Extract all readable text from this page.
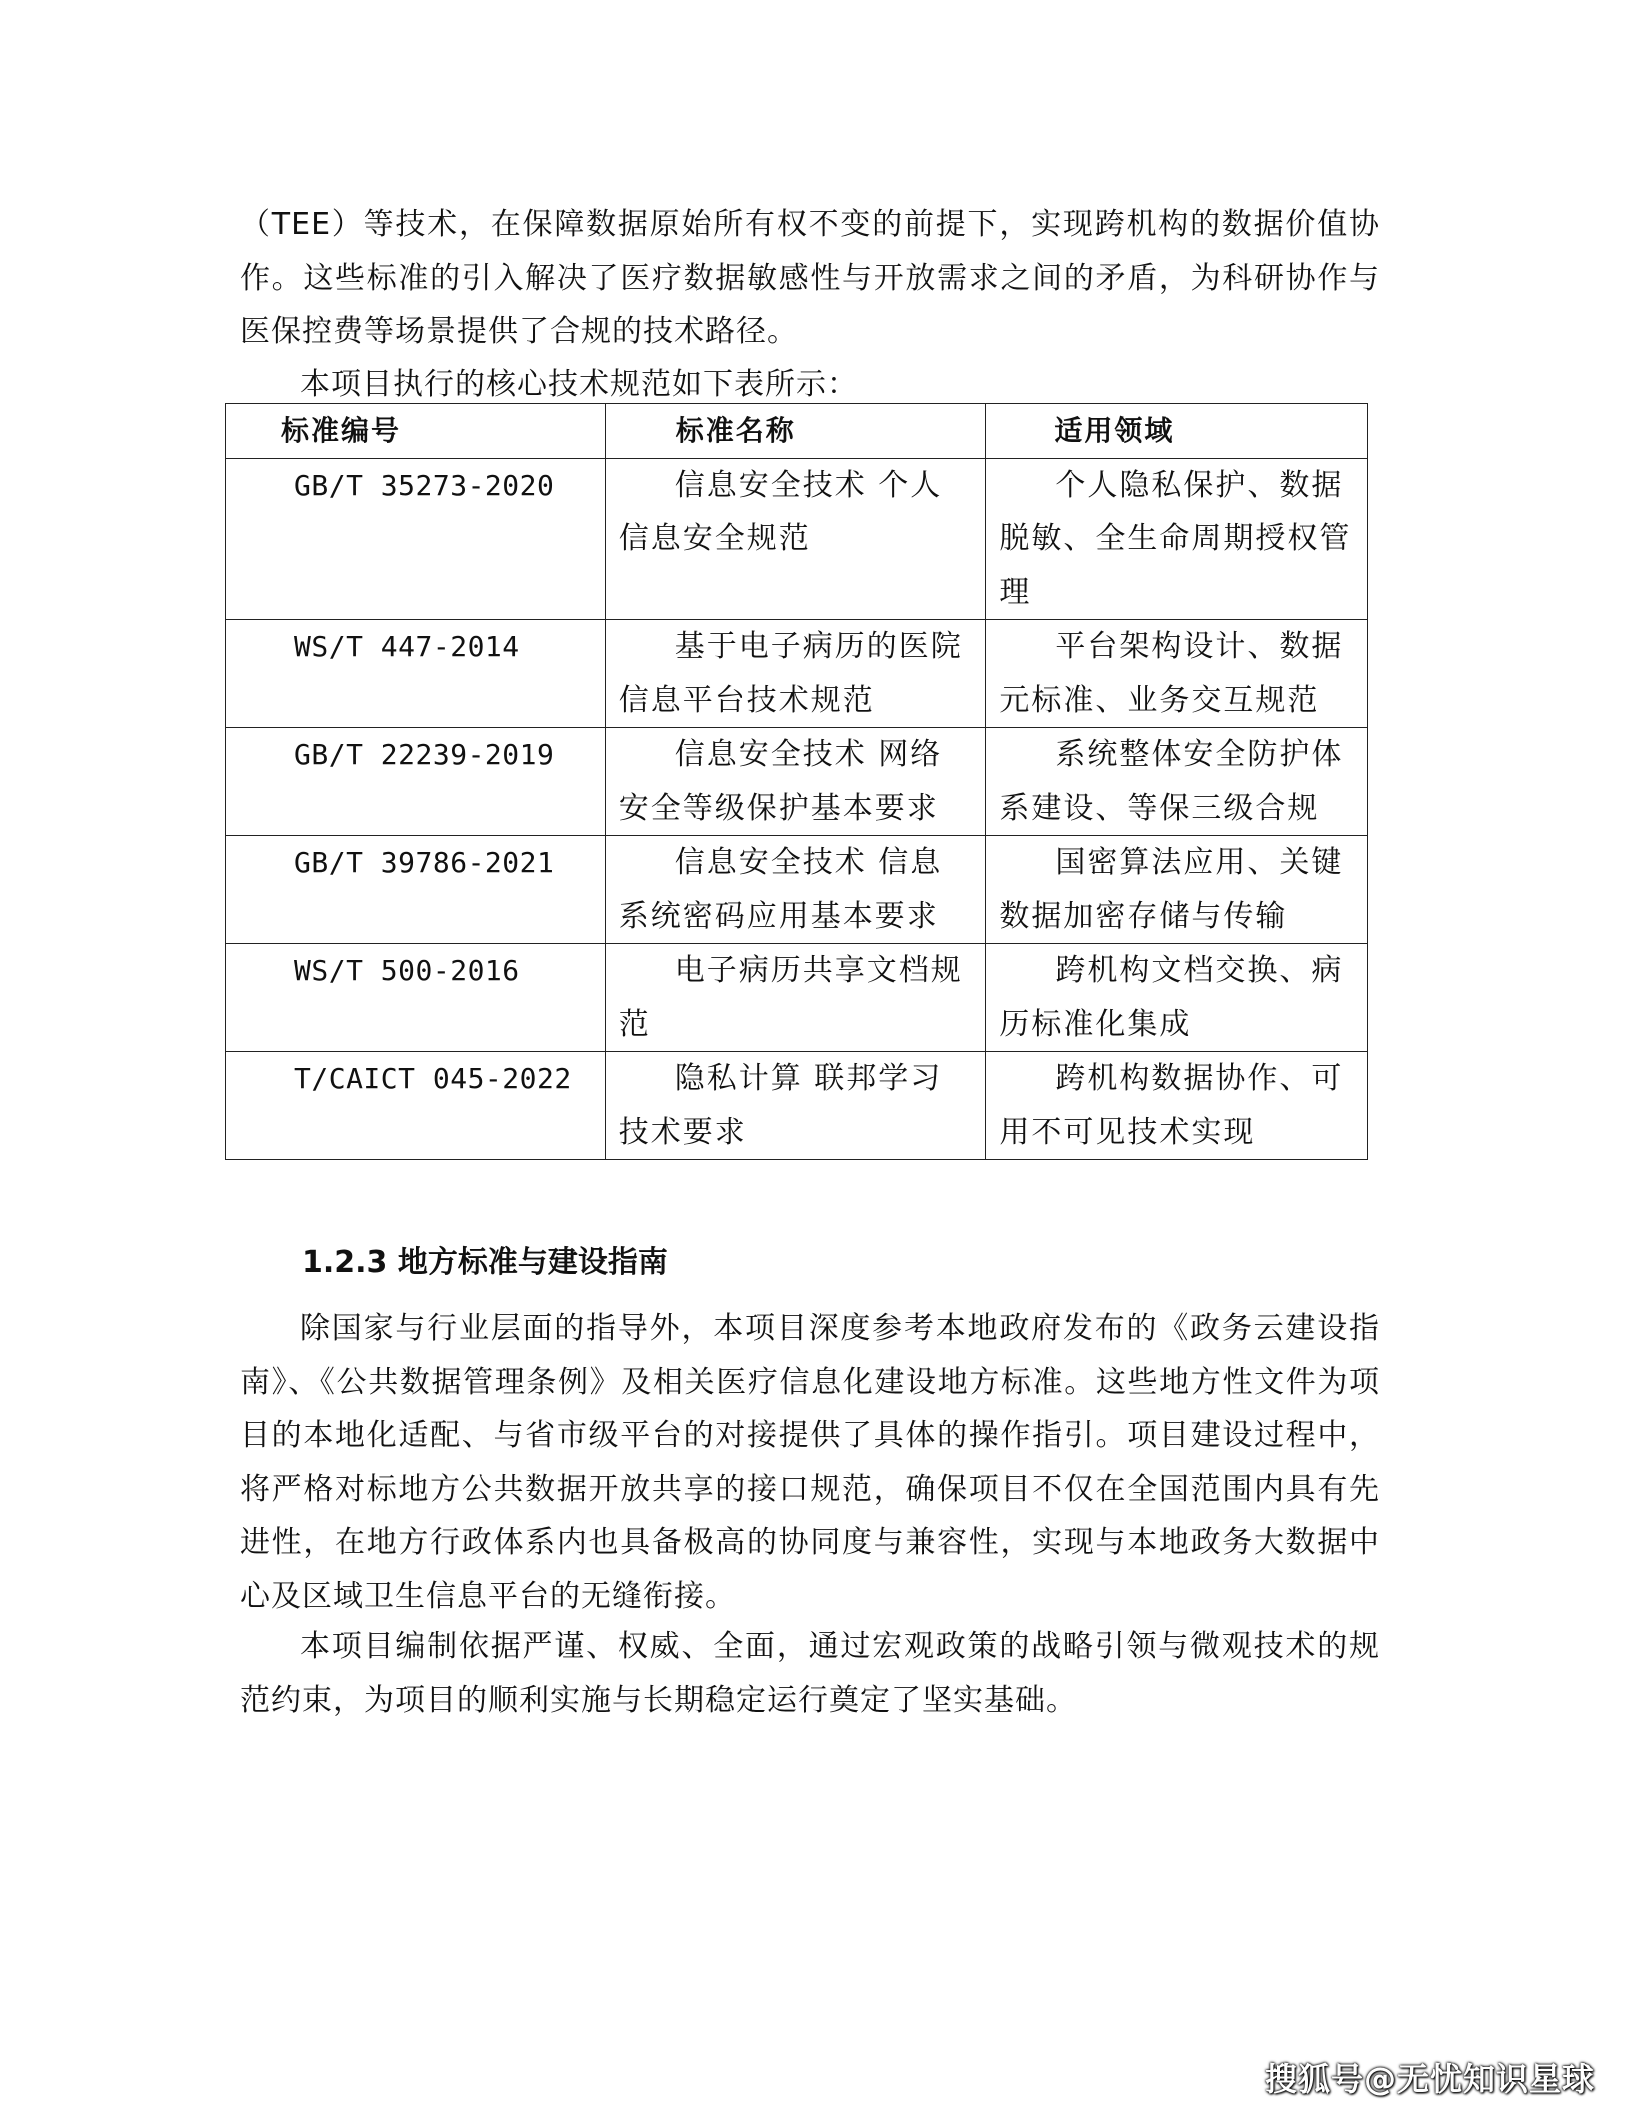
（TEE）等技术，在保障数据原始所有权不变的前提下，实现跨机构的数据价值协作。这些标准的引入解决了医疗数据敏感性与开放需求之间的矛盾，为科研协作与医保控费等场景提供了合规的技术路径。

本项目执行的核心技术规范如下表所示：

标准编号	标准名称	适用领域
GB/T 35273-2020	信息安全技术 个人信息安全规范	个人隐私保护、数据脱敏、全生命周期授权管理
WS/T 447-2014	基于电子病历的医院信息平台技术规范	平台架构设计、数据元标准、业务交互规范
GB/T 22239-2019	信息安全技术 网络安全等级保护基本要求	系统整体安全防护体系建设、等保三级合规
GB/T 39786-2021	信息安全技术 信息系统密码应用基本要求	国密算法应用、关键数据加密存储与传输
WS/T 500-2016	电子病历共享文档规范	跨机构文档交换、病历标准化集成
T/CAICT 045-2022	隐私计算 联邦学习技术要求	跨机构数据协作、可用不可见技术实现
1.2.3 地方标准与建设指南

除国家与行业层面的指导外，本项目深度参考本地政府发布的《政务云建设指南》、《公共数据管理条例》及相关医疗信息化建设地方标准。这些地方性文件为项目的本地化适配、与省市级平台的对接提供了具体的操作指引。项目建设过程中，将严格对标地方公共数据开放共享的接口规范，确保项目不仅在全国范围内具有先进性，在地方行政体系内也具备极高的协同度与兼容性，实现与本地政务大数据中心及区域卫生信息平台的无缝衔接。

本项目编制依据严谨、权威、全面，通过宏观政策的战略引领与微观技术的规范约束，为项目的顺利实施与长期稳定运行奠定了坚实基础。

搜狐号@无忧知识星球
